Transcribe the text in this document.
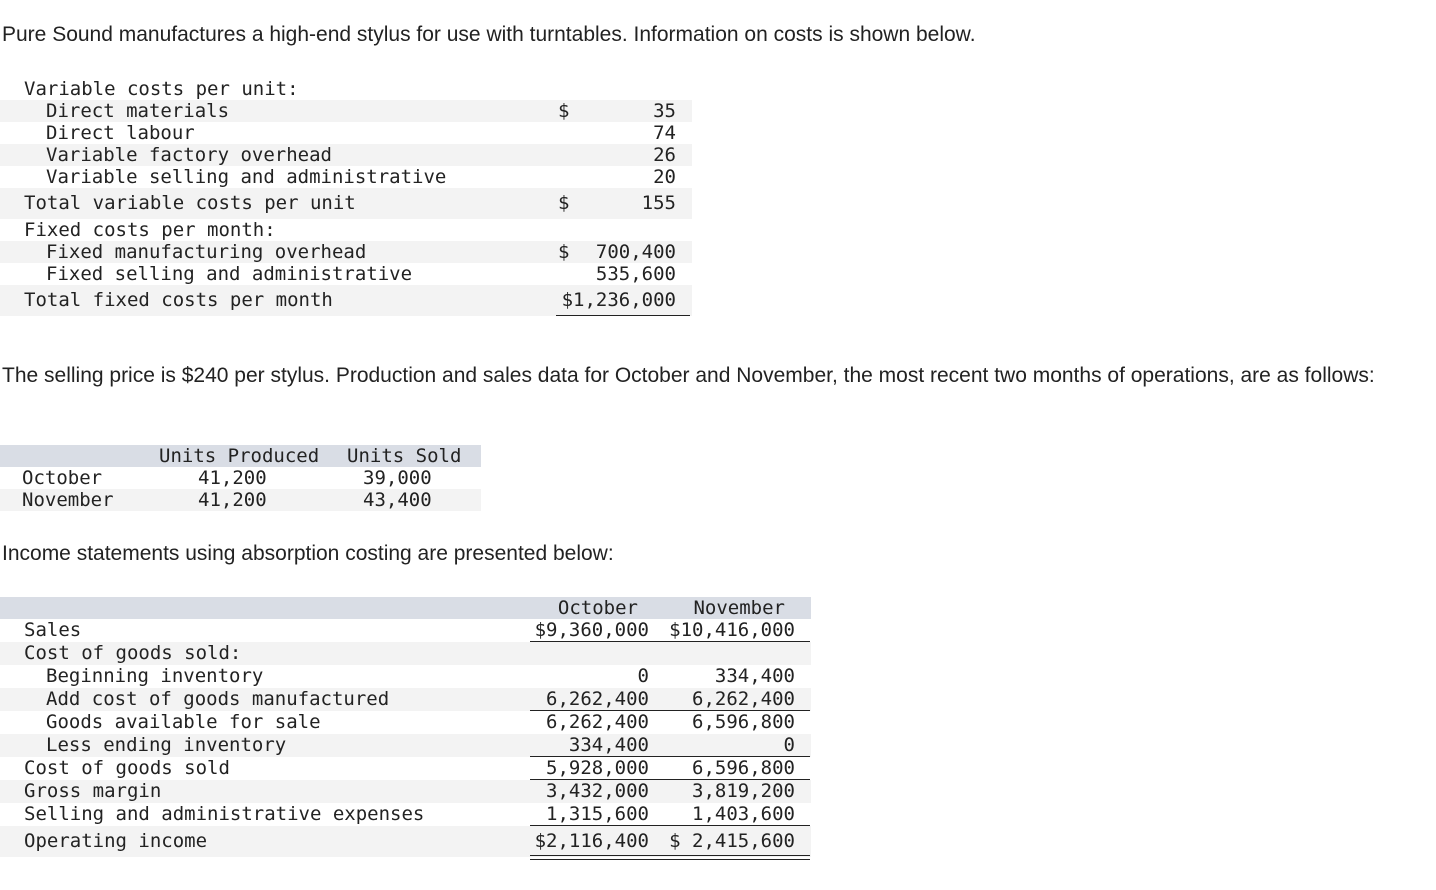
Pure Sound manufactures a high-end stylus for use with turntables. Information on costs is shown below.
Variable costs per unit:
Direct materials	$	35
Direct labour	74
Variable factory overhead	26
Variable selling and administrative	20
Total variable costs per unit	$	155
Fixed costs per month:
Fixed manufacturing overhead	$ 700,400
Fixed selling and administrative	535,600
Total fixed costs per month	$1,236,000
The selling price is $240 per stylus. Production and sales data for October and November, the most recent two months of operations, are as follows:
Units Produced Units Sold
October	41,200	39,000
November	41,200	43,400
Income statements using absorption costing are presented below:
October	November
Sales	$9,360,000 $10,416,000
Cost of goods sold:
Beginning inventory	0	334,400
Add cost of goods manufactured	6,262,400 6,262,400
Goods available for sale	6,262,400 6,596,800
Less ending inventory	334,400	0
Cost of goods sold	5,928,000 6,596,800
Gross margin	3,432,000 3,819,200
Selling and administrative expenses	1,315,600 1,403,600
Operating income	$2,116,400 $ 2,415,600
